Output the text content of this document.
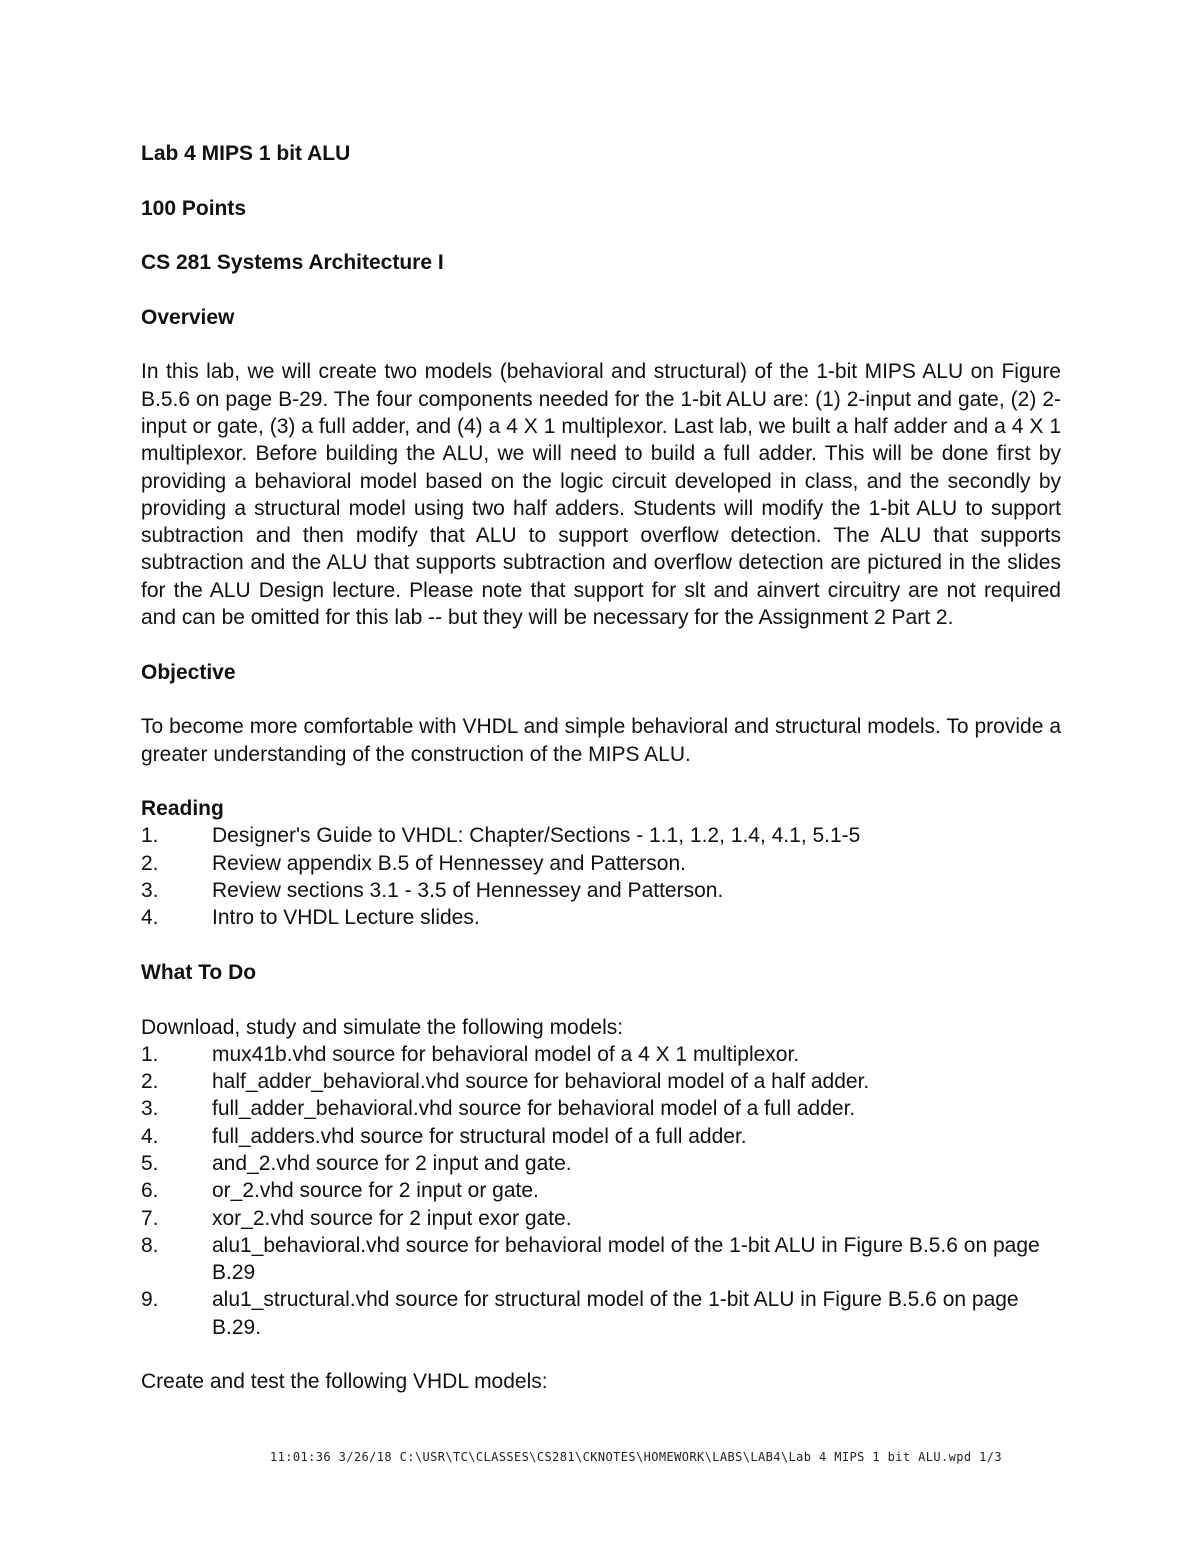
Lab 4 MIPS 1 bit ALU

100 Points

CS 281 Systems Architecture I

Overview

In this lab, we will create two models (behavioral and structural) of the 1-bit MIPS ALU on Figure B.5.6 on page B-29. The four components needed for the 1-bit ALU are: (1) 2-input and gate, (2) 2-input or gate, (3) a full adder, and (4) a 4 X 1 multiplexor. Last lab, we built a half adder and a 4 X 1 multiplexor. Before building the ALU, we will need to build a full adder. This will be done first by providing a behavioral model based on the logic circuit developed in class, and the secondly by providing a structural model using two half adders. Students will modify the 1-bit ALU to support subtraction and then modify that ALU to support overflow detection. The ALU that supports subtraction and the ALU that supports subtraction and overflow detection are pictured in the slides for the ALU Design lecture. Please note that support for slt and ainvert circuitry are not required and can be omitted for this lab -- but they will be necessary for the Assignment 2 Part 2.

Objective

To become more comfortable with VHDL and simple behavioral and structural models. To provide a greater understanding of the construction of the MIPS ALU.

Reading

1.	Designer's Guide to VHDL: Chapter/Sections - 1.1, 1.2, 1.4, 4.1, 5.1-5
2.	Review appendix B.5 of Hennessey and Patterson.
3.	Review sections 3.1 - 3.5 of Hennessey and Patterson.
4.	Intro to VHDL Lecture slides.

What To Do

Download, study and simulate the following models:

1.	mux41b.vhd source for behavioral model of a 4 X 1 multiplexor.
2.	half_adder_behavioral.vhd source for behavioral model of a half adder.
3.	full_adder_behavioral.vhd source for behavioral model of a full adder.
4.	full_adders.vhd source for structural model of a full adder.
5.	and_2.vhd source for 2 input and gate.
6.	or_2.vhd source for 2 input or gate.
7.	xor_2.vhd source for 2 input exor gate.
8.	alu1_behavioral.vhd source for behavioral model of the 1-bit ALU in Figure B.5.6 on page B.29
9.	alu1_structural.vhd source for structural model of the 1-bit ALU in Figure B.5.6 on page B.29.

Create and test the following VHDL models:

11:01:36 3/26/18 C:\USR\TC\CLASSES\CS281\CKNOTES\HOMEWORK\LABS\LAB4\Lab 4 MIPS 1 bit ALU.wpd 1/3
